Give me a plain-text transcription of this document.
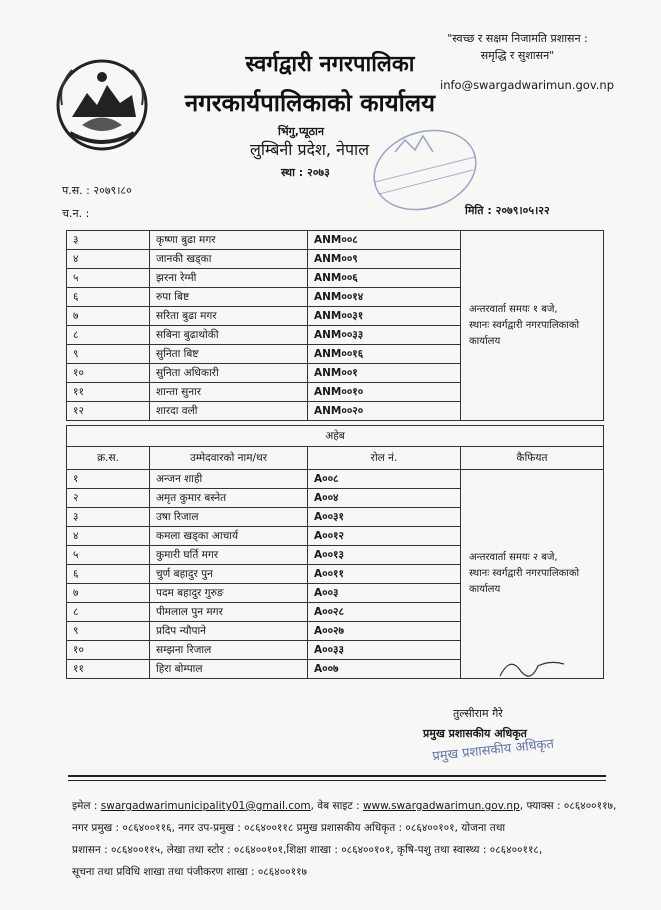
स्वर्गद्वारी नगरपालिका
नगरकार्यपालिकाको कार्यालय
"स्वच्छ र सक्षम निजामति प्रशासन :
समृद्धि र सुशासन"
info@swargadwarimun.gov.np
भिंगु,प्यूठान
लुम्बिनी प्रदेश, नेपाल
स्था : २०७३
प.स. : २०७९।८०
च.न. :	मिति : २०७९।०५।२२
३	कृष्णा बुढा मगर	ANM००८	अन्तरवार्ता समयः १ बजे,
स्थानः स्वर्गद्वारी नगरपालिकाको कार्यालय

४	जानकी खड्का	ANM००९	
५	झरना रेग्मी	ANM००६	
६	रुपा बिष्ट	ANM००१४	
७	सरिता बुढा मगर	ANM००३१	
८	सबिना बुढाथोकी	ANM००३३	
९	सुनिता बिष्ट	ANM००१६	
१०	सुनिता अधिकारी	ANM००१	
११	शान्ता सुनार	ANM००१०	
१२	शारदा वली	ANM००२०	
अहेब			
क्र.स.	उम्मेदवारको नाम/थर	रोल नं.	कैफियत
१	अन्जन शाही	A००८	अन्तरवार्ता समयः २ बजे,
स्थानः स्वर्गद्वारी नगरपालिकाको कार्यालय

२	अमृत कुमार बस्नेत	A००४	
३	उषा रिजाल	A००३१	
४	कमला खड्का आचार्य	A००१२	
५	कुमारी घर्ति मगर	A००१३	
६	चुर्ण बहादुर पुन	A००११	
७	पदम बहादुर गुरुङ	A००३	
८	पीमलाल पुन मगर	A००२८	
९	प्रदिप न्यौपाने	A००२७	
१०	सम्झना रिजाल	A००३३	
११	हिरा बोम्पाल	A००७	
तुल्सीराम गैरे
प्रमुख प्रशासकीय अधिकृत
प्रमुख प्रशासकीय अधिकृत
इमेल : swargadwarimunicipality01@gmail.com, वेब साइट : www.swargadwarimun.gov.np, फ्याक्स : ०८६४००११७,
नगर प्रमुख : ०८६४००११६, नगर उप-प्रमुख : ०८६४००११८ प्रमुख प्रशासकीय अधिकृत : ०८६४००१०१, योजना तथा
प्रशासन : ०८६४००११५, लेखा तथा स्टोर : ०८६४००१०१,शिक्षा शाखा : ०८६४००१०१, कृषि-पशु तथा स्वास्थ्य : ०८६४००११८,
सूचना तथा प्रविधि शाखा तथा पंजीकरण शाखा : ०८६४००११७
